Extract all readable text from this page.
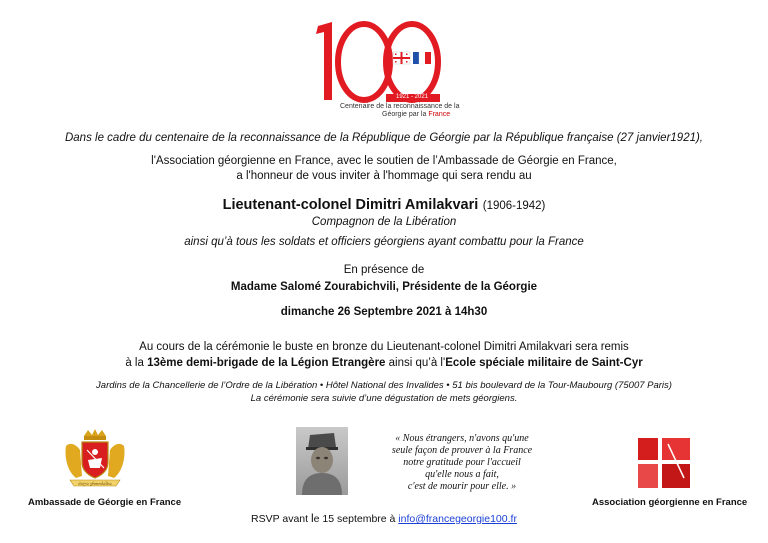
1921 - 2021
Centenaire de la reconnaissance de la
Géorgie par la France
Dans le cadre du centenaire de la reconnaissance de la République de Géorgie par la République française (27 janvier1921),
l'Association géorgienne en France, avec le soutien de l’Ambassade de Géorgie en France,
a l'honneur de vous inviter à l'hommage qui sera rendu au
Lieutenant-colonel Dimitri Amilakvari (1906-1942)
Compagnon de la Libération
ainsi qu’à tous les soldats et officiers géorgiens ayant combattu pour la France
En présence de
Madame Salomé Zourabichvili, Présidente de la Géorgie
dimanche 26 Septembre 2021 à 14h30
Au cours de la cérémonie le buste en bronze du Lieutenant-colonel Dimitri Amilakvari sera remis
à la 13ème demi-brigade de la Légion Etrangère ainsi qu’à l'Ecole spéciale militaire de Saint-Cyr
Jardins de la Chancellerie de l’Ordre de la Libération • Hôtel National des Invalides • 51 bis boulevard de la Tour-Maubourg (75007 Paris)
La cérémonie sera suivie d’une dégustation de mets géorgiens.
ძალა ერთობაშია
Ambassade de Géorgie en France
« Nous étrangers, n'avons qu'une
seule façon de prouver à la France
notre gratitude pour l'accueil
qu'elle nous a fait,
c'est de mourir pour elle. »
Association géorgienne en France
RSVP avant le 15 septembre à info@francegeorgie100.fr
